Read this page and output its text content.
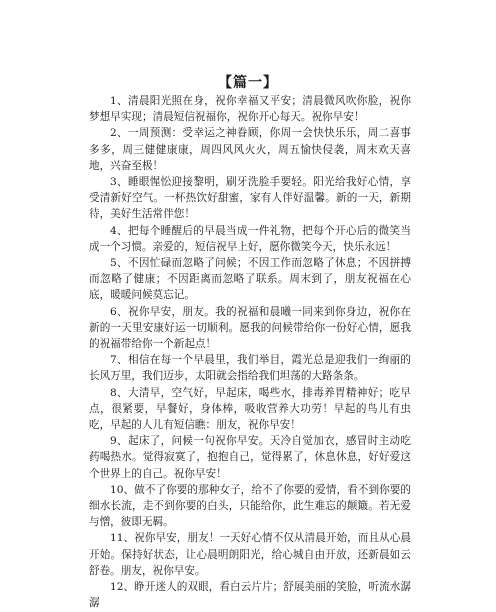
【篇一】

1、清晨阳光照在身，祝你幸福又平安；清晨微风吹你脸，祝你梦想早实现；清晨短信祝福你，祝你开心每天。祝你早安！

2、一周预测：受幸运之神眷顾，你周一会快快乐乐，周二喜事多多，周三健健康康，周四风风火火，周五愉快侵袭，周末欢天喜地，兴奋至极！

3、睡眼惺忪迎接黎明，刷牙洗脸手要轻。阳光给我好心情，享受清新好空气。一杯热饮好甜蜜，家有人伴好温馨。新的一天，新期待，美好生活常伴您！

4、把每个睡醒后的早晨当成一件礼物，把每个开心后的微笑当成一个习惯。亲爱的，短信祝早上好，愿你微笑今天，快乐永远！

5、不因忙碌而忽略了问候；不因工作而忽略了休息；不因拼搏而忽略了健康；不因距离而忽略了联系。周末到了，朋友祝福在心底，暖暖问候莫忘记。

6、祝你早安，朋友。我的祝福和晨曦一同来到你身边，祝你在新的一天里安康好运一切顺利。愿我的问候带给你一份好心情，愿我的祝福带给你一个新起点！

7、相信在每一个早晨里，我们举目，霞光总是迎我们一绚丽的长风万里，我们迈步，太阳就会指给我们坦荡的大路条条。

8、大清早，空气好，早起床，喝些水，排毒养胃精神好；吃早点，很紧要，早餐好，身体棒，吸收营养大功劳！早起的鸟儿有虫吃，早起的人儿有短信瞧：朋友，祝你早安！

9、起床了，问候一句祝你早安。天冷自觉加衣，感冒时主动吃药喝热水。觉得寂寞了，抱抱自己，觉得累了，休息休息，好好爱这个世界上的自己。祝你早安！

10、做不了你要的那种女子，给不了你要的爱情，看不到你要的细水长流，走不到你要的白头，只能给你，此生难忘的颠簸。若无爱与憎，彼即无羁。

11、祝你早安，朋友！一天好心情不仅从清晨开始，而且从心晨开始。保持好状态，让心晨明朗阳光，给心城自由开放，还新晨如云舒卷。朋友，祝你早安。

12、睁开迷人的双眼，看白云片片；舒展美丽的笑脸，听流水潺潺
